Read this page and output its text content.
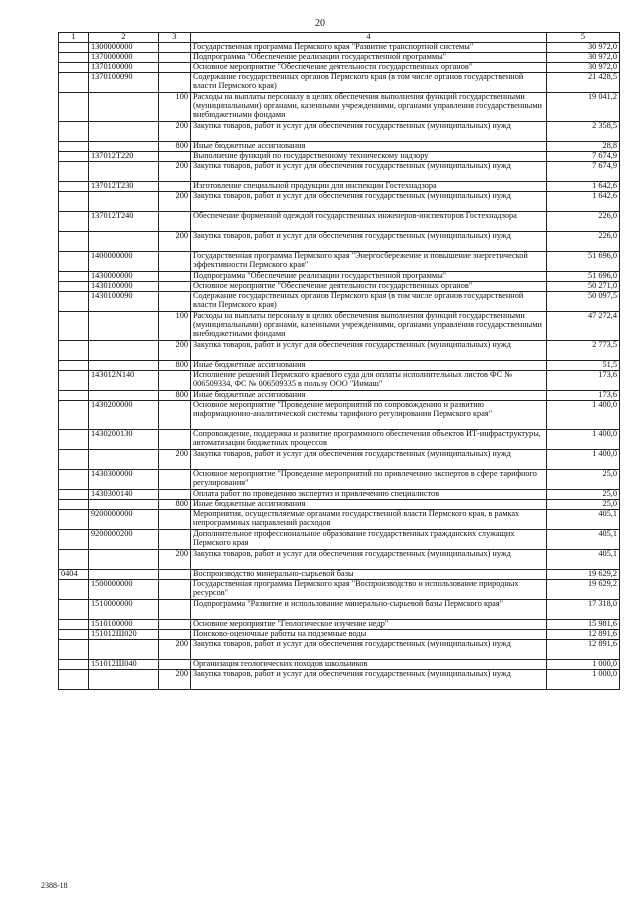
20
1	2	3	4	5
	1300000000		Государственная программа Пермского края "Развитие транспортной системы"	30 972,0
	1370000000		Подпрограмма "Обеспечение реализации государственной программы"	30 972,0
	1370100000		Основное мероприятие "Обеспечение деятельности государственных органов"	30 972,0
	1370100090		Содержание государственных органов Пермского края (в том числе органов государственной власти Пермского края)	21 428,5
		100	Расходы на выплаты персоналу в целях обеспечения выполнения функций государственными (муниципальными) органами, казенными учреждениями, органами управления государственными внебюджетными фондами	19 041,2
		200	Закупка товаров, работ и услуг для обеспечения государственных (муниципальных) нужд	2 358,5
		800	Иные бюджетные ассигнования	28,8
	137012Т220		Выполнение функций по государственному техническому надзору	7 674,9
		200	Закупка товаров, работ и услуг для обеспечения государственных (муниципальных) нужд	7 674,9
	137012Т230		Изготовление специальной продукции для инспекции Гостехнадзора	1 642,6
		200	Закупка товаров, работ и услуг для обеспечения государственных (муниципальных) нужд	1 642,6
	137012Т240		Обеспечение форменной одеждой государственных инженеров-инспекторов Гостехнадзора	226,0
		200	Закупка товаров, работ и услуг для обеспечения государственных (муниципальных) нужд	226,0
	1400000000		Государственная программа Пермского края "Энергосбережение и повышение энергетической эффективности Пермского края"	51 696,0
	1430000000		Подпрограмма "Обеспечение реализации государственной программы"	51 696,0
	1430100000		Основное мероприятие "Обеспечение деятельности государственных органов"	50 271,0
	1430100090		Содержание государственных органов Пермского края (в том числе органов государственной власти Пермского края)	50 097,5
		100	Расходы на выплаты персоналу в целях обеспечения выполнения функций государственными (муниципальными) органами, казенными учреждениями, органами управления государственными внебюджетными фондами	47 272,4
		200	Закупка товаров, работ и услуг для обеспечения государственных (муниципальных) нужд	2 773,5
		800	Иные бюджетные ассигнования	51,5
	143012N140		Исполнение решений Пермского краевого суда для оплаты исполнительных листов ФС № 006509334, ФС № 006509335 в пользу ООО "Инмаш"	173,6
		800	Иные бюджетные ассигнования	173,6
	1430200000		Основное мероприятие "Проведение мероприятий по сопровождению и развитию информационно-аналитической системы тарифного регулирования Пермского края"	1 400,0
	1430200130		Сопровождение, поддержка и развитие программного обеспечения объектов ИТ-инфраструктуры, автоматизации бюджетных процессов	1 400,0
		200	Закупка товаров, работ и услуг для обеспечения государственных (муниципальных) нужд	1 400,0
	1430300000		Основное мероприятие "Проведение мероприятий по привлечению экспертов в сфере тарифного регулирования"	25,0
	1430300140		Оплата работ по проведению экспертиз и привлечению специалистов	25,0
		800	Иные бюджетные ассигнования	25,0
	9200000000		Мероприятия, осуществляемые органами государственной власти Пермского края, в рамках непрограммных направлений расходов	405,1
	9200000200		Дополнительное профессиональное образование государственных гражданских служащих Пермского края	405,1
		200	Закупка товаров, работ и услуг для обеспечения государственных (муниципальных) нужд	405,1
0404			Воспроизводство минерально-сырьевой базы	19 629,2
	1500000000		Государственная программа Пермского края "Воспроизводство и использование природных ресурсов"	19 629,2
	1510000000		Подпрограмма "Развитие и использование минерально-сырьевой базы Пермского края"	17 318,0
	1510100000		Основное мероприятие "Геологическое изучение недр"	15 981,6
	151012Ш020		Поисково-оценочные работы на подземные воды	12 891,6
		200	Закупка товаров, работ и услуг для обеспечения государственных (муниципальных) нужд	12 891,6
	151012Ш040		Организация геологических походов школьников	1 000,0
		200	Закупка товаров, работ и услуг для обеспечения государственных (муниципальных) нужд	1 000,0
2388-18
